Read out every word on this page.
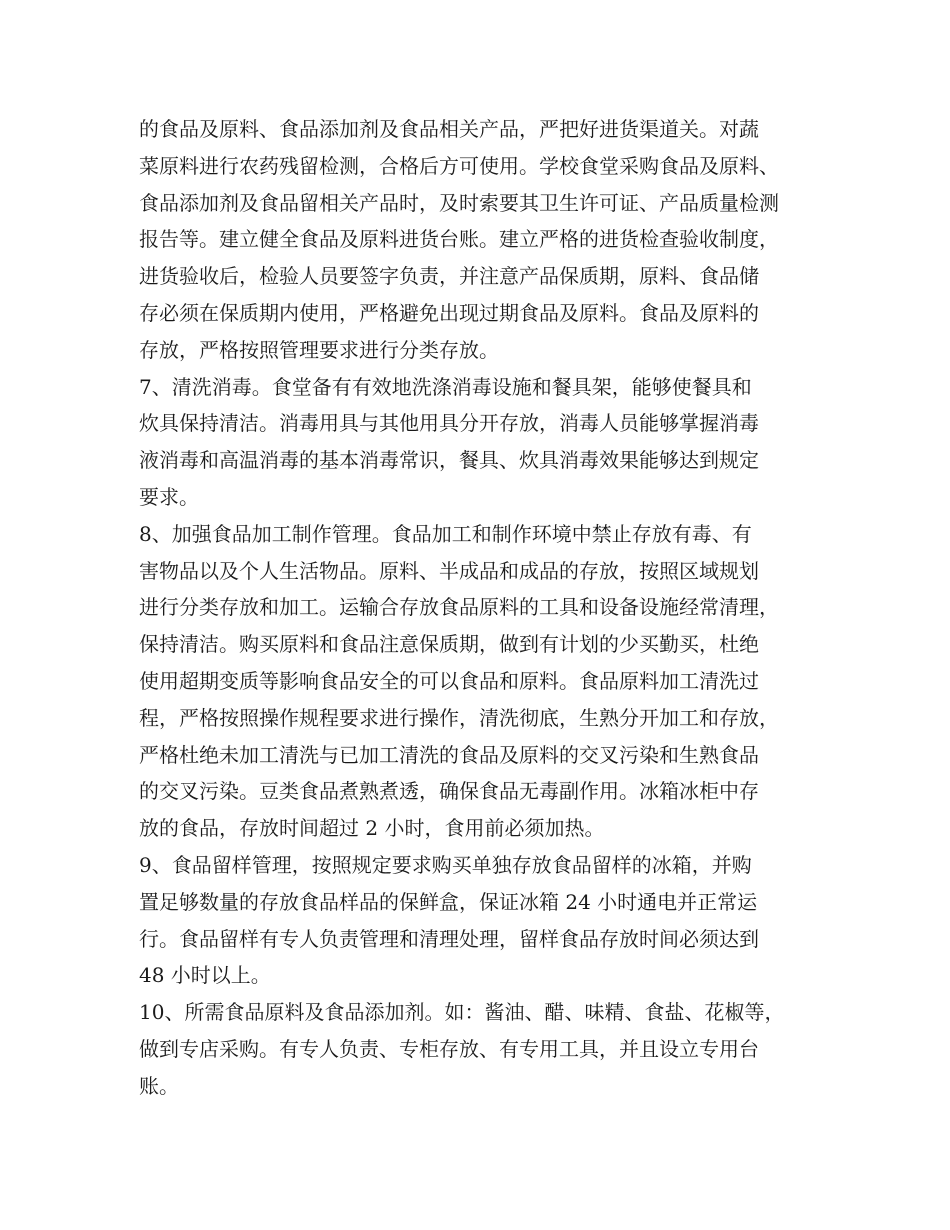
的食品及原料、食品添加剂及食品相关产品，严把好进货渠道关。对蔬
菜原料进行农药残留检测，合格后方可使用。学校食堂采购食品及原料、
食品添加剂及食品留相关产品时，及时索要其卫生许可证、产品质量检测
报告等。建立健全食品及原料进货台账。建立严格的进货检查验收制度，
进货验收后，检验人员要签字负责，并注意产品保质期，原料、食品储
存必须在保质期内使用，严格避免出现过期食品及原料。食品及原料的
存放，严格按照管理要求进行分类存放。
7、清洗消毒。食堂备有有效地洗涤消毒设施和餐具架，能够使餐具和
炊具保持清洁。消毒用具与其他用具分开存放，消毒人员能够掌握消毒
液消毒和高温消毒的基本消毒常识，餐具、炊具消毒效果能够达到规定
要求。
8、加强食品加工制作管理。食品加工和制作环境中禁止存放有毒、有
害物品以及个人生活物品。原料、半成品和成品的存放，按照区域规划
进行分类存放和加工。运输合存放食品原料的工具和设备设施经常清理，
保持清洁。购买原料和食品注意保质期，做到有计划的少买勤买，杜绝
使用超期变质等影响食品安全的可以食品和原料。食品原料加工清洗过
程，严格按照操作规程要求进行操作，清洗彻底，生熟分开加工和存放，
严格杜绝未加工清洗与已加工清洗的食品及原料的交叉污染和生熟食品
的交叉污染。豆类食品煮熟煮透，确保食品无毒副作用。冰箱冰柜中存
放的食品，存放时间超过 2 小时，食用前必须加热。
9、食品留样管理，按照规定要求购买单独存放食品留样的冰箱，并购
置足够数量的存放食品样品的保鲜盒，保证冰箱 24 小时通电并正常运
行。食品留样有专人负责管理和清理处理，留样食品存放时间必须达到
48 小时以上。
10、所需食品原料及食品添加剂。如：酱油、醋、味精、食盐、花椒等，
做到专店采购。有专人负责、专柜存放、有专用工具，并且设立专用台
账。
